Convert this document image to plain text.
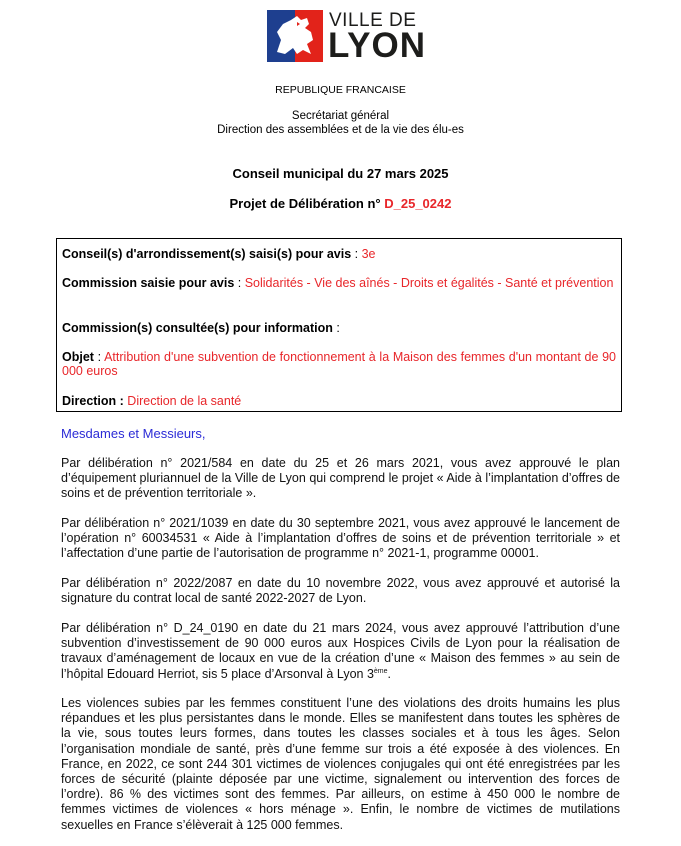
VILLE DE
LYON
REPUBLIQUE FRANCAISE
Secrétariat général
Direction des assemblées et de la vie des élu-es
Conseil municipal du 27 mars 2025
Projet de Délibération n° D_25_0242
Conseil(s) d'arrondissement(s) saisi(s) pour avis : 3e
Commission saisie pour avis : Solidarités - Vie des aînés - Droits et égalités - Santé et prévention
Commission(s) consultée(s) pour information :
Objet : Attribution d'une subvention de fonctionnement à la Maison des femmes d'un montant de 90 000 euros
Direction : Direction de la santé
Mesdames et Messieurs,
Par délibération n° 2021/584 en date du 25 et 26 mars 2021, vous avez approuvé le plan d’équipement pluriannuel de la Ville de Lyon qui comprend le projet « Aide à l’implantation d’offres de soins et de prévention territoriale ».
Par délibération n° 2021/1039 en date du 30 septembre 2021, vous avez approuvé le lancement de l’opération n° 60034531 « Aide à l’implantation d’offres de soins et de prévention territoriale » et l’affectation d’une partie de l’autorisation de programme n° 2021-1, programme 00001.
Par délibération n° 2022/2087 en date du 10 novembre 2022, vous avez approuvé et autorisé la signature du contrat local de santé 2022-2027 de Lyon.
Par délibération n° D_24_0190 en date du 21 mars 2024, vous avez approuvé l’attribution d’une subvention d’investissement de 90 000 euros aux Hospices Civils de Lyon pour la réalisation de travaux d’aménagement de locaux en vue de la création d’une « Maison des femmes » au sein de l’hôpital Edouard Herriot, sis 5 place d’Arsonval à Lyon 3ème.
Les violences subies par les femmes constituent l’une des violations des droits humains les plus répandues et les plus persistantes dans le monde. Elles se manifestent dans toutes les sphères de la vie, sous toutes leurs formes, dans toutes les classes sociales et à tous les âges. Selon l’organisation mondiale de santé, près d’une femme sur trois a été exposée à des violences. En France, en 2022, ce sont 244 301 victimes de violences conjugales qui ont été enregistrées par les forces de sécurité (plainte déposée par une victime, signalement ou intervention des forces de l’ordre). 86 % des victimes sont des femmes. Par ailleurs, on estime à 450 000 le nombre de femmes victimes de violences « hors ménage ». Enfin, le nombre de victimes de mutilations sexuelles en France s’élèverait à 125 000 femmes.
